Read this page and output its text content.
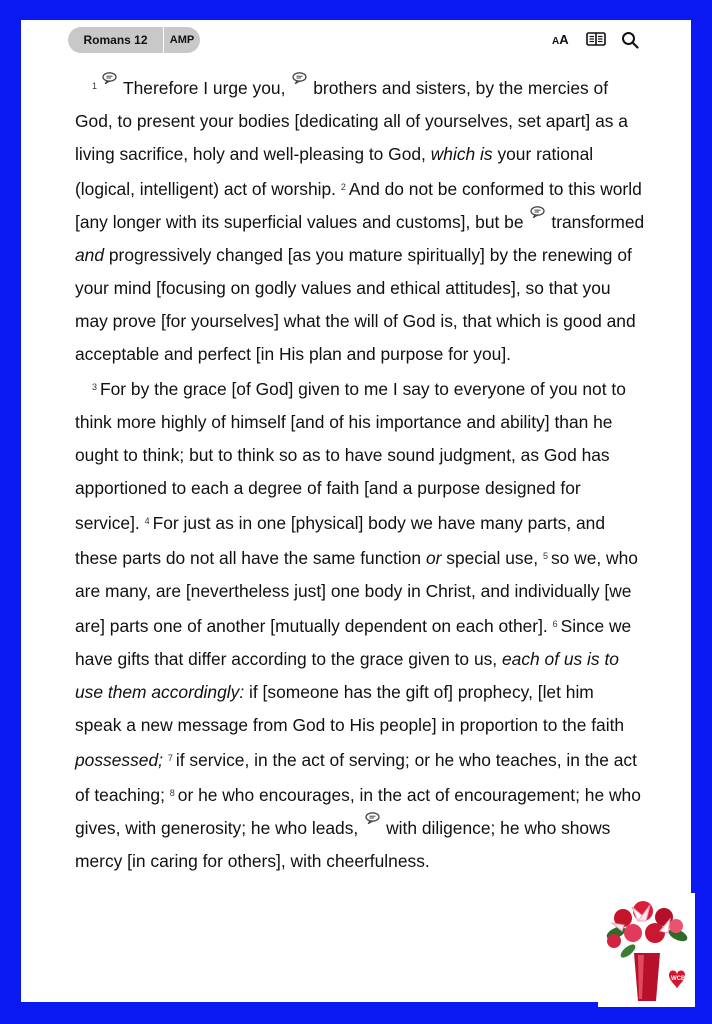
Romans 12	AMP	AA

$^1$ Therefore I urge you, brothers and sisters, by the mercies of God, to present your bodies [dedicating all of yourselves, set apart] as a living sacrifice, holy and well-pleasing to God, which is your rational (logical, intelligent) act of worship. $^2$ And do not be conformed to this world [any longer with its superficial values and customs], but be transformed and progressively changed [as you mature spiritually] by the renewing of your mind [focusing on godly values and ethical attitudes], so that you may prove [for yourselves] what the will of God is, that which is good and acceptable and perfect [in His plan and purpose for you].

$^3$ For by the grace [of God] given to me I say to everyone of you not to think more highly of himself [and of his importance and ability] than he ought to think; but to think so as to have sound judgment, as God has apportioned to each a degree of faith [and a purpose designed for service]. $^4$ For just as in one [physical] body we have many parts, and these parts do not all have the same function or special use, $^5$ so we, who are many, are [nevertheless just] one body in Christ, and individually [we are] parts one of another [mutually dependent on each other]. $^6$ Since we have gifts that differ according to the grace given to us, each of us is to use them accordingly: if [someone has the gift of] prophecy, [let him speak a new message from God to His people] in proportion to the faith possessed; $^7$ if service, in the act of serving; or he who teaches, in the act of teaching; $^8$ or he who encourages, in the act of encouragement; he who gives, with generosity; he who leads, with diligence; he who shows mercy [in caring for others], with cheerfulness.

WCB
